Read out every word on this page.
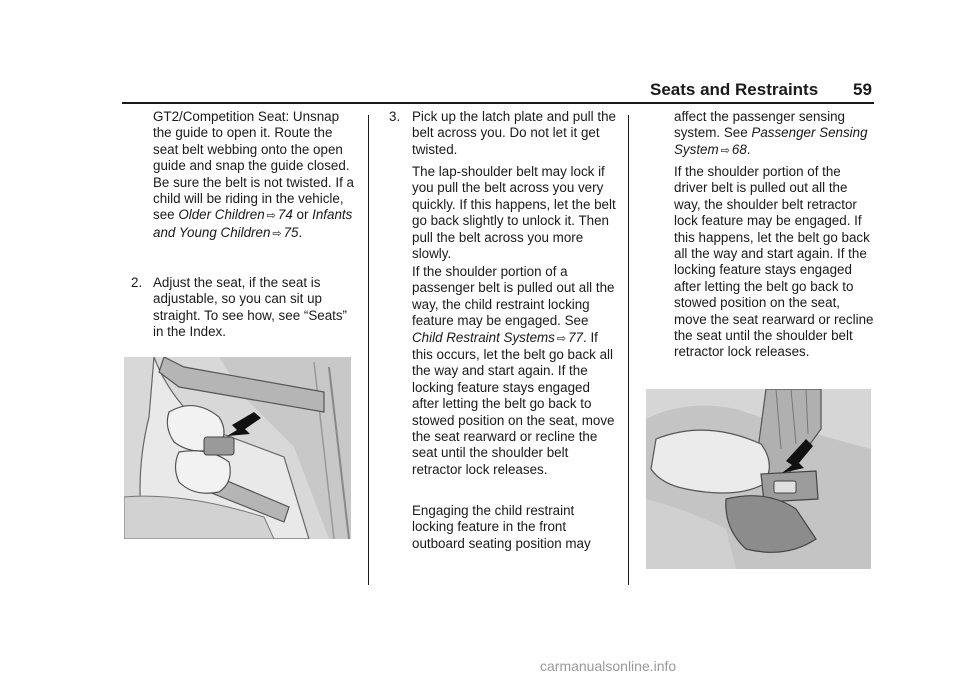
Seats and Restraints 59

GT2/Competition Seat: Unsnap the guide to open it. Route the seat belt webbing onto the open guide and snap the guide closed. Be sure the belt is not twisted. If a child will be riding in the vehicle, see Older Children ⇨ 74 or Infants and Young Children ⇨ 75.

2. Adjust the seat, if the seat is adjustable, so you can sit up straight. To see how, see “Seats” in the Index.

3. Pick up the latch plate and pull the belt across you. Do not let it get twisted.

The lap-shoulder belt may lock if you pull the belt across you very quickly. If this happens, let the belt go back slightly to unlock it. Then pull the belt across you more slowly.

If the shoulder portion of a passenger belt is pulled out all the way, the child restraint locking feature may be engaged. See Child Restraint Systems ⇨ 77. If this occurs, let the belt go back all the way and start again. If the locking feature stays engaged after letting the belt go back to stowed position on the seat, move the seat rearward or recline the seat until the shoulder belt retractor lock releases.

Engaging the child restraint locking feature in the front outboard seating position may

affect the passenger sensing system. See Passenger Sensing System ⇨ 68.

If the shoulder portion of the driver belt is pulled out all the way, the shoulder belt retractor lock feature may be engaged. If this happens, let the belt go back all the way and start again. If the locking feature stays engaged after letting the belt go back to stowed position on the seat, move the seat rearward or recline the seat until the shoulder belt retractor lock releases.

carmanualsonline.info
